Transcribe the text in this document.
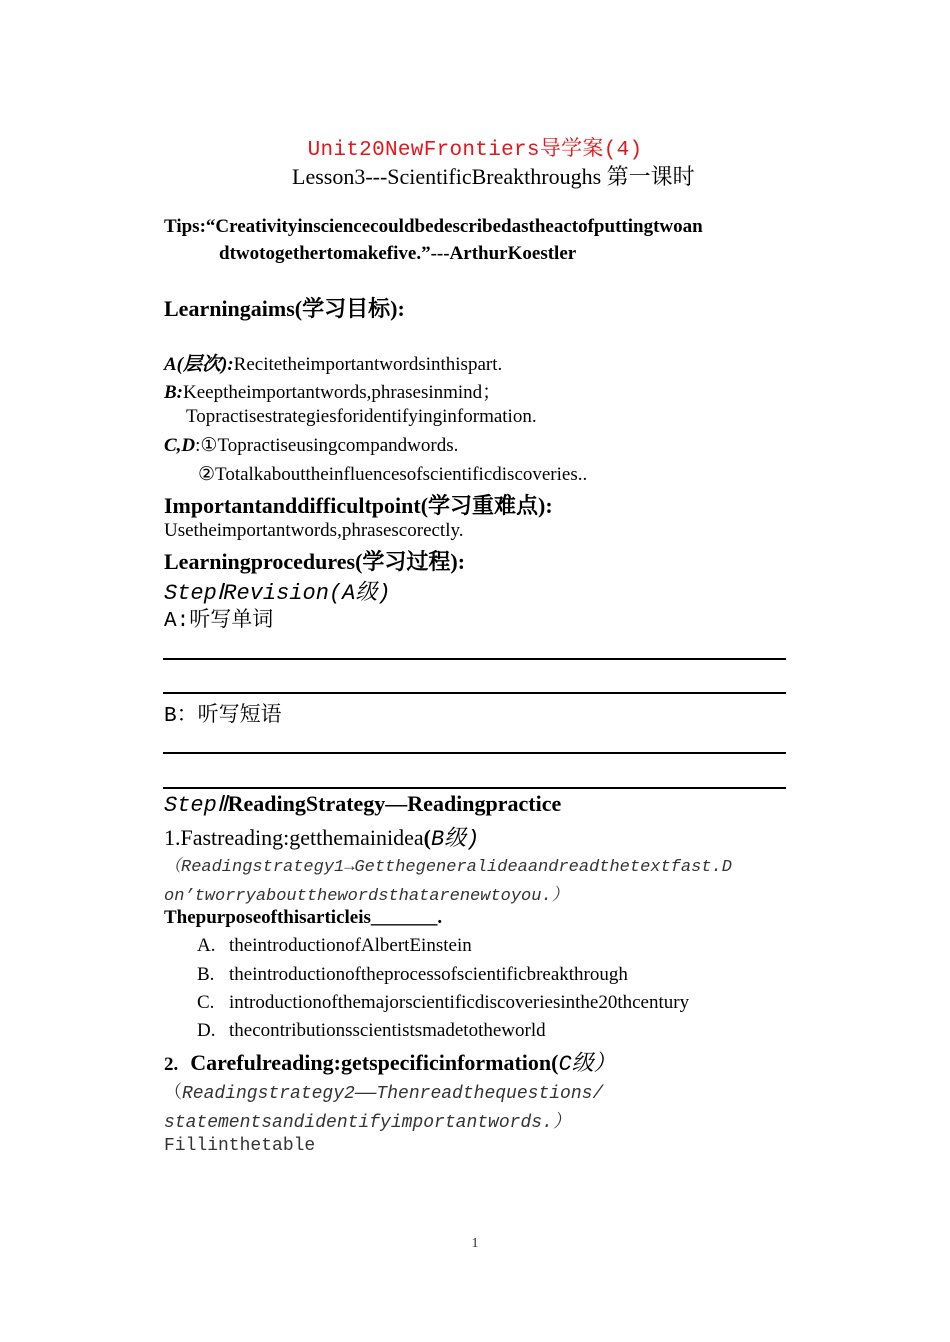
Unit20NewFrontiers导学案(4)
Lesson3---ScientificBreakthroughs 第一课时
Tips:“Creativityinsciencecouldbedescribedastheactofputtingtwoan
dtwotogethertomakefive.”---ArthurKoestler
Learningaims(学习目标):
A(层次):Recitetheimportantwordsinthispart.
B:Keeptheimportantwords,phrasesinmind；
Topractisestrategiesforidentifyinginformation.
C,D:①Topractiseusingcompandwords.
②Totalkabouttheinfluencesofscientificdiscoveries..
Importantanddifficultpoint(学习重难点):
Usetheimportantwords,phrasescorectly.
Learningprocedures(学习过程):
StepⅠRevision(A级)
A:听写单词
B：听写短语
StepⅡReadingStrategy—Readingpractice
1.Fastreading:getthemainidea(B级)
（Readingstrategy1→Getthegeneralideaandreadthetextfast.D
on’tworryaboutthewordsthatarenewtoyou.）
Thepurposeofthisarticleis_______.
A. theintroductionofAlbertEinstein
B. theintroductionoftheprocessofscientificbreakthrough
C. introductionofthemajorscientificdiscoveriesinthe20thcentury
D. thecontributionsscientistsmadetotheworld
2. Carefulreading:getspecificinformation(C级）
（Readingstrategy2——Thenreadthequestions/
statementsandidentifyimportantwords.）
Fillinthetable
1
